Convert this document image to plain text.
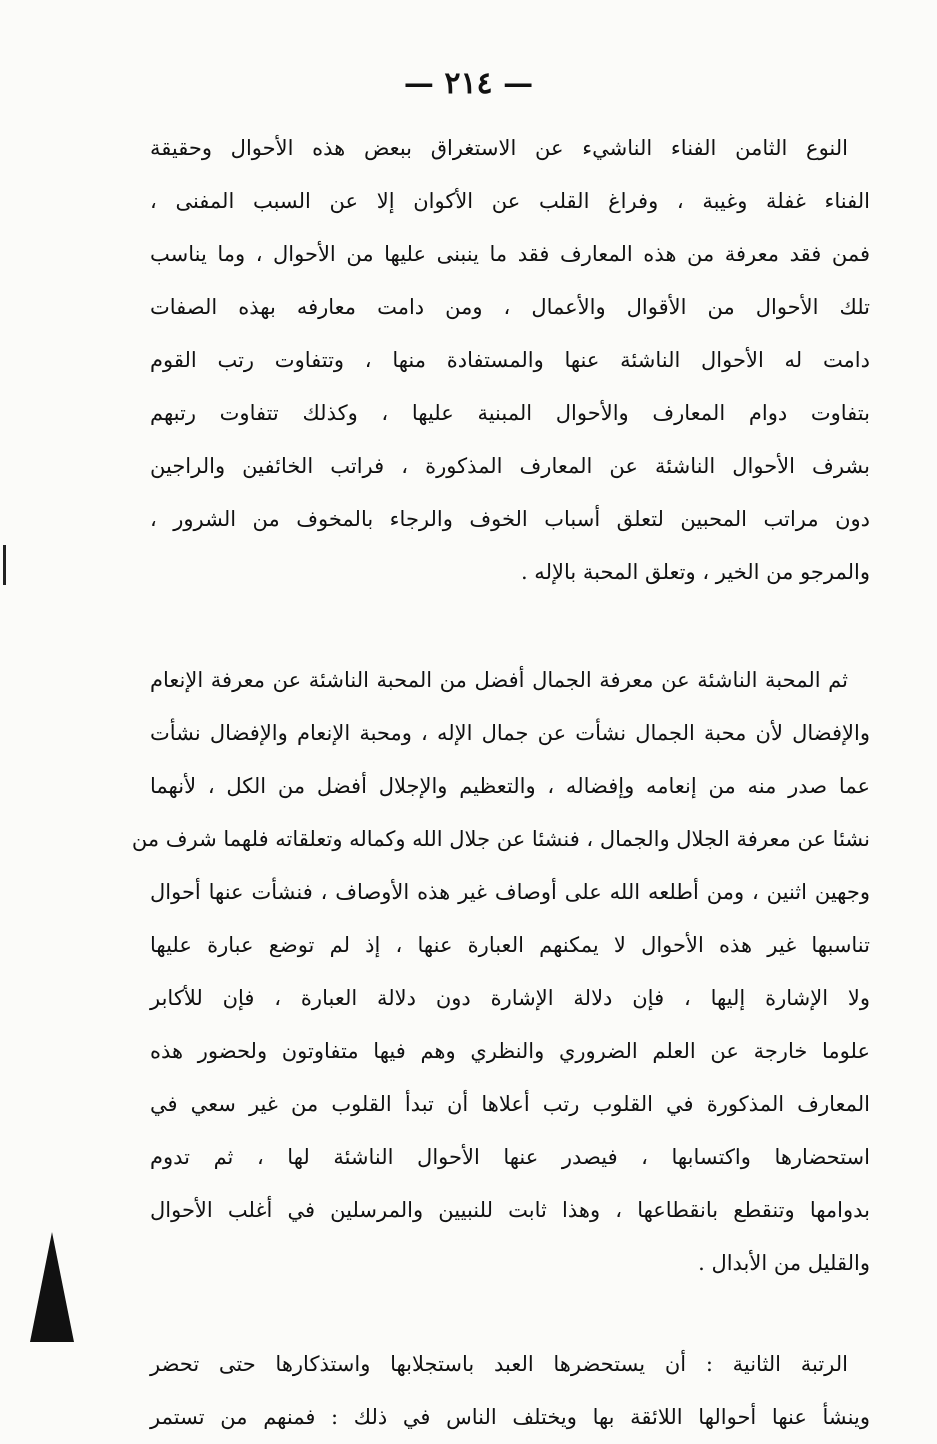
— ٢١٤ —
النوع الثامن الفناء الناشيء عن الاستغراق ببعض هذه الأحوال وحقيقة
الفناء غفلة وغيبة ، وفراغ القلب عن الأكوان إلا عن السبب المفنى ،
فمن فقد معرفة من هذه المعارف فقد ما ينبنى عليها من الأحوال ، وما يناسب
تلك الأحوال من الأقوال والأعمال ، ومن دامت معارفه بهذه الصفات
دامت له الأحوال الناشئة عنها والمستفادة منها ، وتتفاوت رتب القوم
بتفاوت دوام المعارف والأحوال المبنية عليها ، وكذلك تتفاوت رتبهم
بشرف الأحوال الناشئة عن المعارف المذكورة ، فراتب الخائفين والراجين
دون مراتب المحبين لتعلق أسباب الخوف والرجاء بالمخوف من الشرور ،
والمرجو من الخير ، وتعلق المحبة بالإله .
ثم المحبة الناشئة عن معرفة الجمال أفضل من المحبة الناشئة عن معرفة الإنعام
والإفضال لأن محبة الجمال نشأت عن جمال الإله ، ومحبة الإنعام والإفضال نشأت
عما صدر منه من إنعامه وإفضاله ، والتعظيم والإجلال أفضل من الكل ، لأنهما
نشئا عن معرفة الجلال والجمال ، فنشئا عن جلال الله وكماله وتعلقاته فلهما شرف من
وجهين اثنين ، ومن أطلعه الله على أوصاف غير هذه الأوصاف ، فنشأت عنها أحوال
تناسبها غير هذه الأحوال لا يمكنهم العبارة عنها ، إذ لم توضع عبارة عليها
ولا الإشارة إليها ، فإن دلالة الإشارة دون دلالة العبارة ، فإن للأكابر
علوما خارجة عن العلم الضروري والنظري وهم فيها متفاوتون ولحضور هذه
المعارف المذكورة في القلوب رتب أعلاها أن تبدأ القلوب من غير سعي في
استحضارها واكتسابها ، فيصدر عنها الأحوال الناشئة لها ، ثم تدوم
بدوامها وتنقطع بانقطاعها ، وهذا ثابت للنبيين والمرسلين في أغلب الأحوال
والقليل من الأبدال .
الرتبة الثانية : أن يستحضرها العبد باستجلابها واستذكارها حتى تحضر
وينشأ عنها أحوالها اللائقة بها ويختلف الناس في ذلك : فمنهم من تستمر
